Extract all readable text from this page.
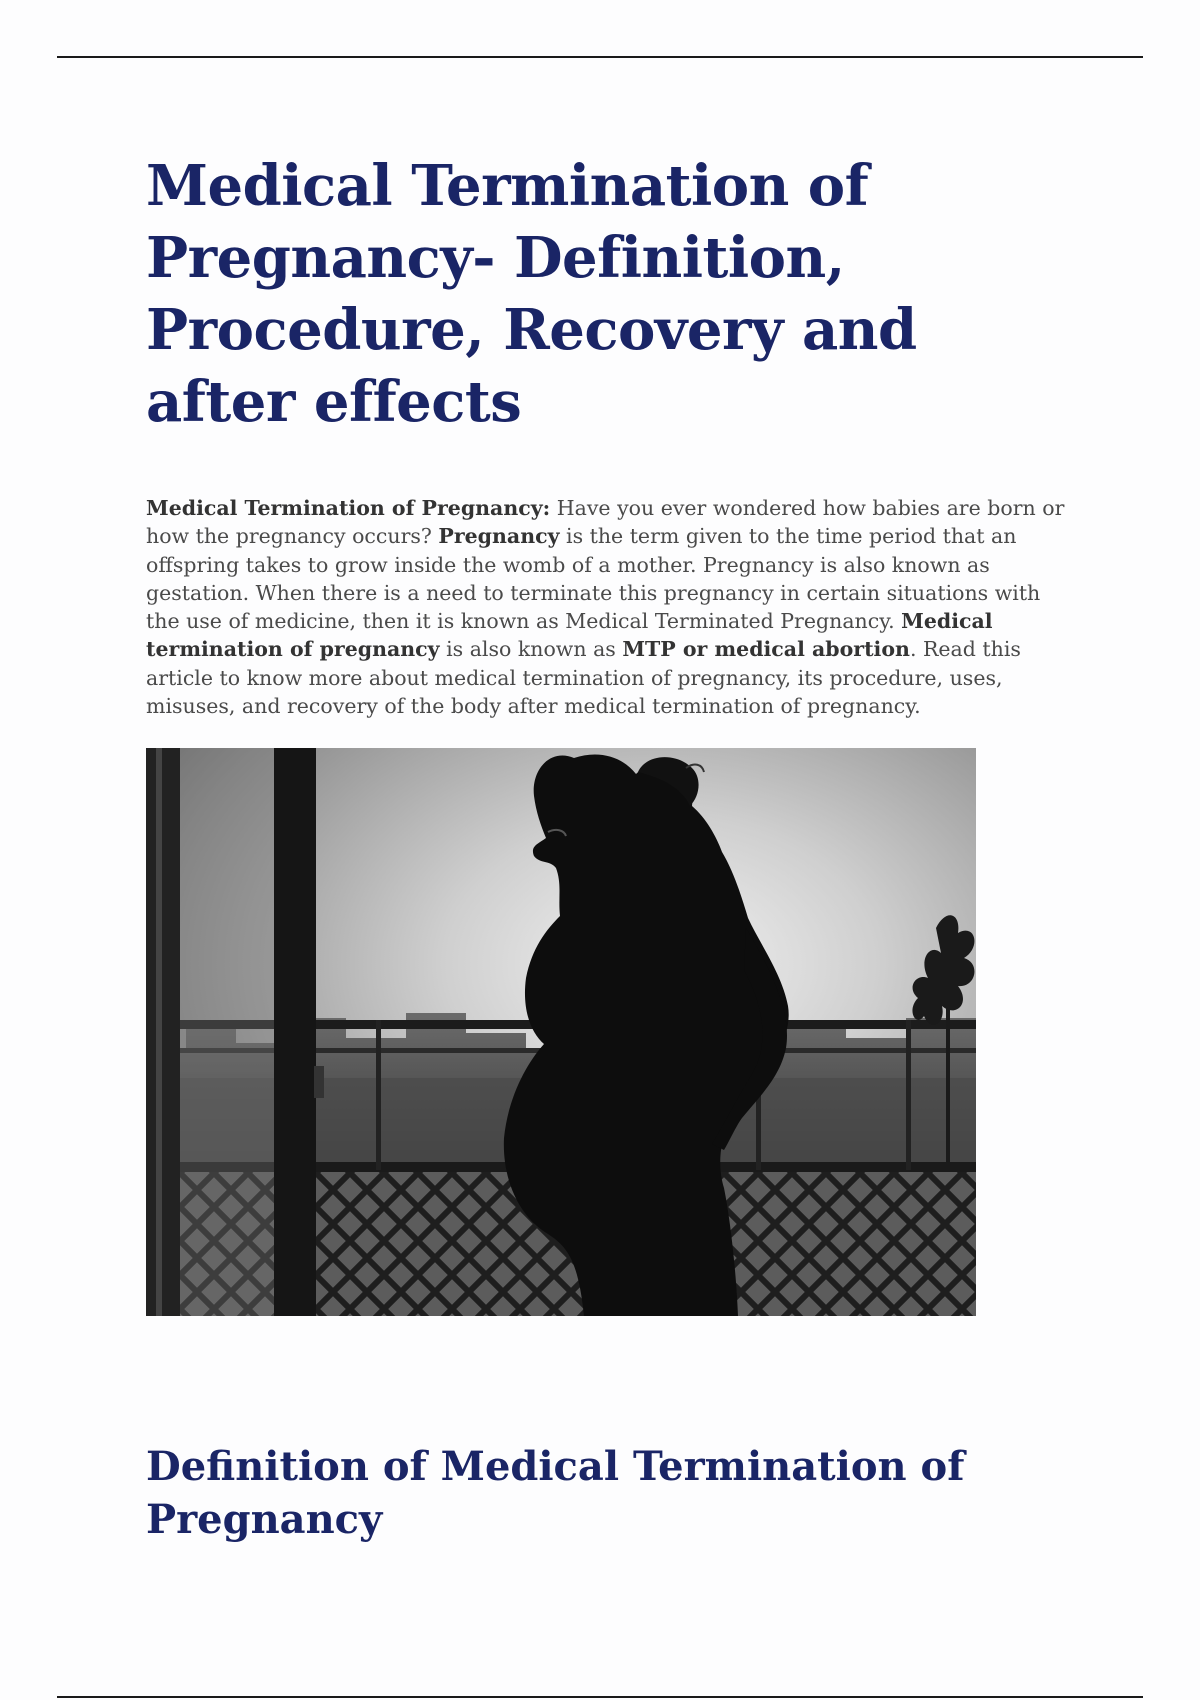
Medical Termination of Pregnancy- Definition, Procedure, Recovery and after effects

Medical Termination of Pregnancy: Have you ever wondered how babies are born or how the pregnancy occurs? Pregnancy is the term given to the time period that an offspring takes to grow inside the womb of a mother. Pregnancy is also known as gestation. When there is a need to terminate this pregnancy in certain situations with the use of medicine, then it is known as Medical Terminated Pregnancy. Medical termination of pregnancy is also known as MTP or medical abortion. Read this article to know more about medical termination of pregnancy, its procedure, uses, misuses, and recovery of the body after medical termination of pregnancy.

Definition of Medical Termination of Pregnancy
